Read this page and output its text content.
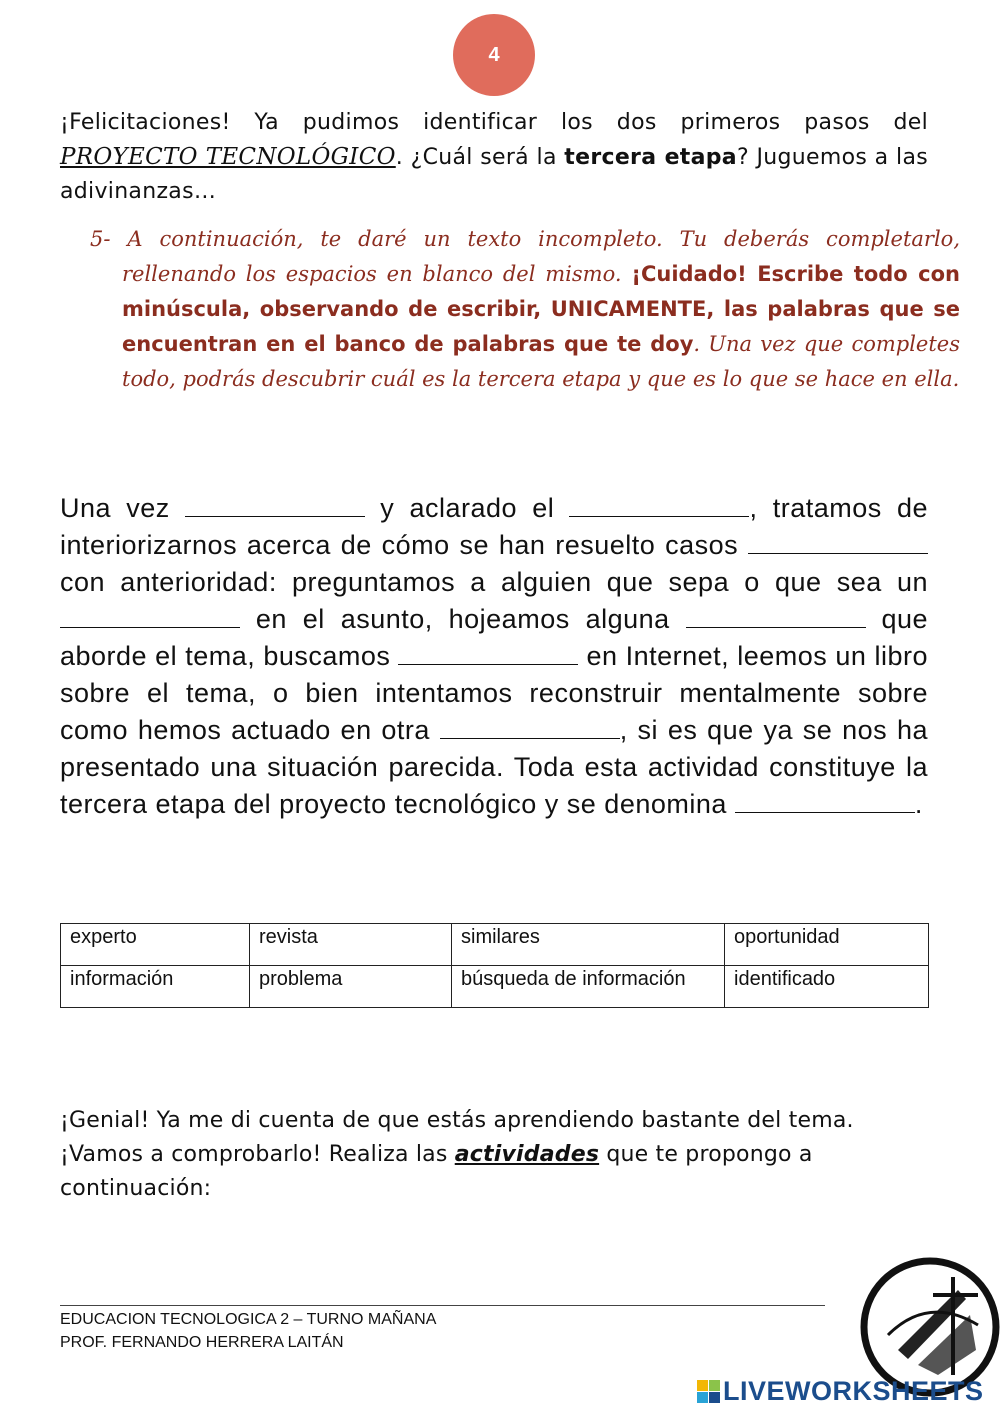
4

¡Felicitaciones! Ya pudimos identificar los dos primeros pasos del PROYECTO TECNOLÓGICO. ¿Cuál será la tercera etapa? Juguemos a las adivinanzas…

5- A continuación, te daré un texto incompleto. Tu deberás completarlo, rellenando los espacios en blanco del mismo. ¡Cuidado! Escribe todo con minúscula, observando de escribir, UNICAMENTE, las palabras que se encuentran en el banco de palabras que te doy. Una vez que completes todo, podrás descubrir cuál es la tercera etapa y que es lo que se hace en ella.

Una vez	y aclarado el	, tratamos de interiorizarnos acerca de cómo se han resuelto casos  con anterioridad: preguntamos a alguien que sepa o que sea un  en el asunto, hojeamos alguna	que aborde el tema, buscamos	en Internet, leemos un libro sobre el tema, o bien intentamos reconstruir mentalmente sobre como hemos actuado en otra	, si es que ya se nos ha presentado una situación parecida. Toda esta actividad constituye la tercera etapa del proyecto tecnológico y se denomina	.

experto	revista	similares	oportunidad
información	problema	búsqueda de información	identificado

¡Genial! Ya me di cuenta de que estás aprendiendo bastante del tema. ¡Vamos a comprobarlo! Realiza las actividades que te propongo a continuación:

EDUCACION TECNOLOGICA 2 – TURNO MAÑANA
PROF. FERNANDO HERRERA LAITÁN
LIVEWORKSHEETS
